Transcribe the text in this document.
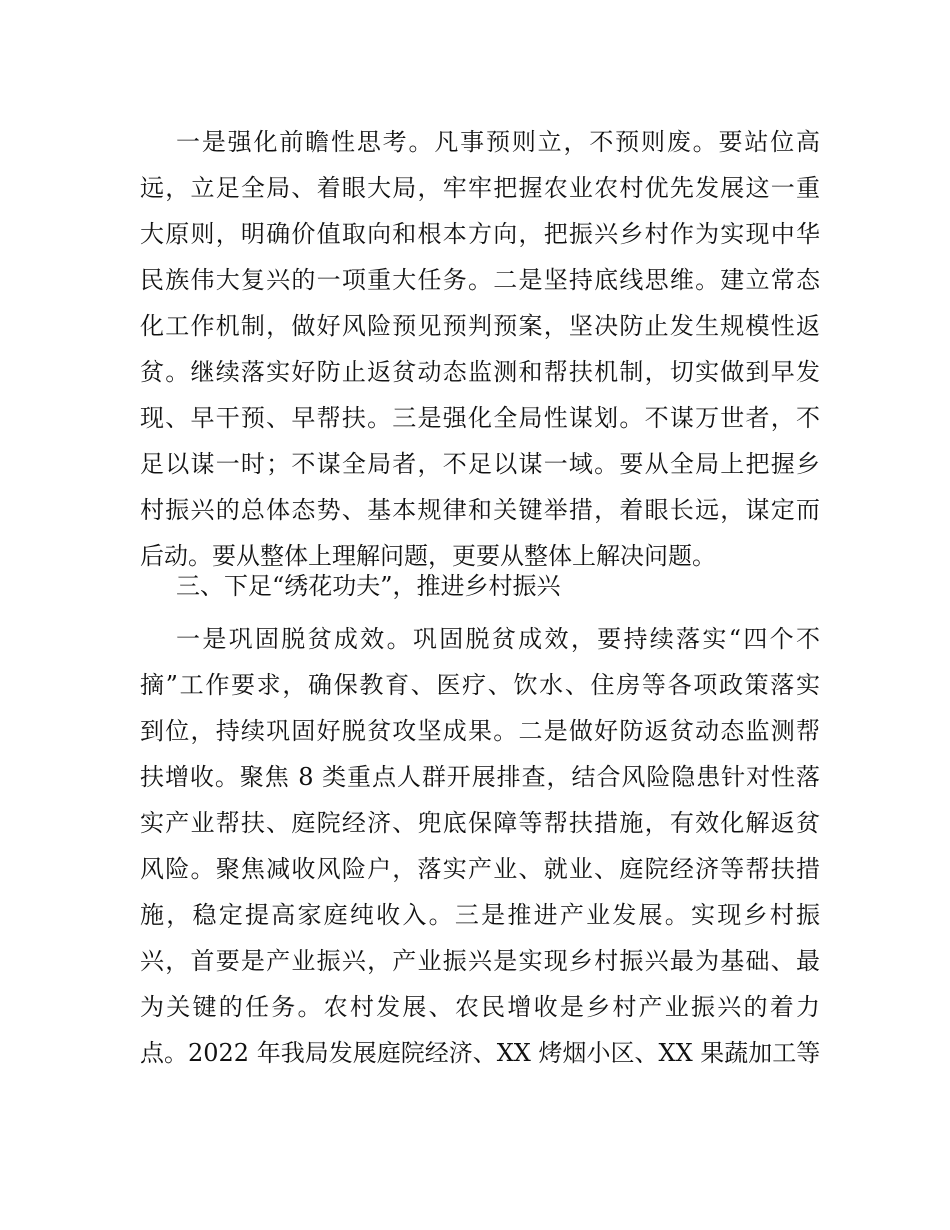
一是强化前瞻性思考。凡事预则立，不预则废。要站位高
远，立足全局、着眼大局，牢牢把握农业农村优先发展这一重
大原则，明确价值取向和根本方向，把振兴乡村作为实现中华
民族伟大复兴的一项重大任务。二是坚持底线思维。建立常态
化工作机制，做好风险预见预判预案，坚决防止发生规模性返
贫。继续落实好防止返贫动态监测和帮扶机制，切实做到早发
现、早干预、早帮扶。三是强化全局性谋划。不谋万世者，不
足以谋一时；不谋全局者，不足以谋一域。要从全局上把握乡
村振兴的总体态势、基本规律和关键举措，着眼长远，谋定而
后动。要从整体上理解问题，更要从整体上解决问题。
三、下足“绣花功夫”，推进乡村振兴
一是巩固脱贫成效。巩固脱贫成效，要持续落实“四个不
摘”工作要求，确保教育、医疗、饮水、住房等各项政策落实
到位，持续巩固好脱贫攻坚成果。二是做好防返贫动态监测帮
扶增收。聚焦 8 类重点人群开展排查，结合风险隐患针对性落
实产业帮扶、庭院经济、兜底保障等帮扶措施，有效化解返贫
风险。聚焦减收风险户，落实产业、就业、庭院经济等帮扶措
施，稳定提高家庭纯收入。三是推进产业发展。实现乡村振
兴，首要是产业振兴，产业振兴是实现乡村振兴最为基础、最
为关键的任务。农村发展、农民增收是乡村产业振兴的着力
点。2022 年我局发展庭院经济、XX 烤烟小区、XX 果蔬加工等
